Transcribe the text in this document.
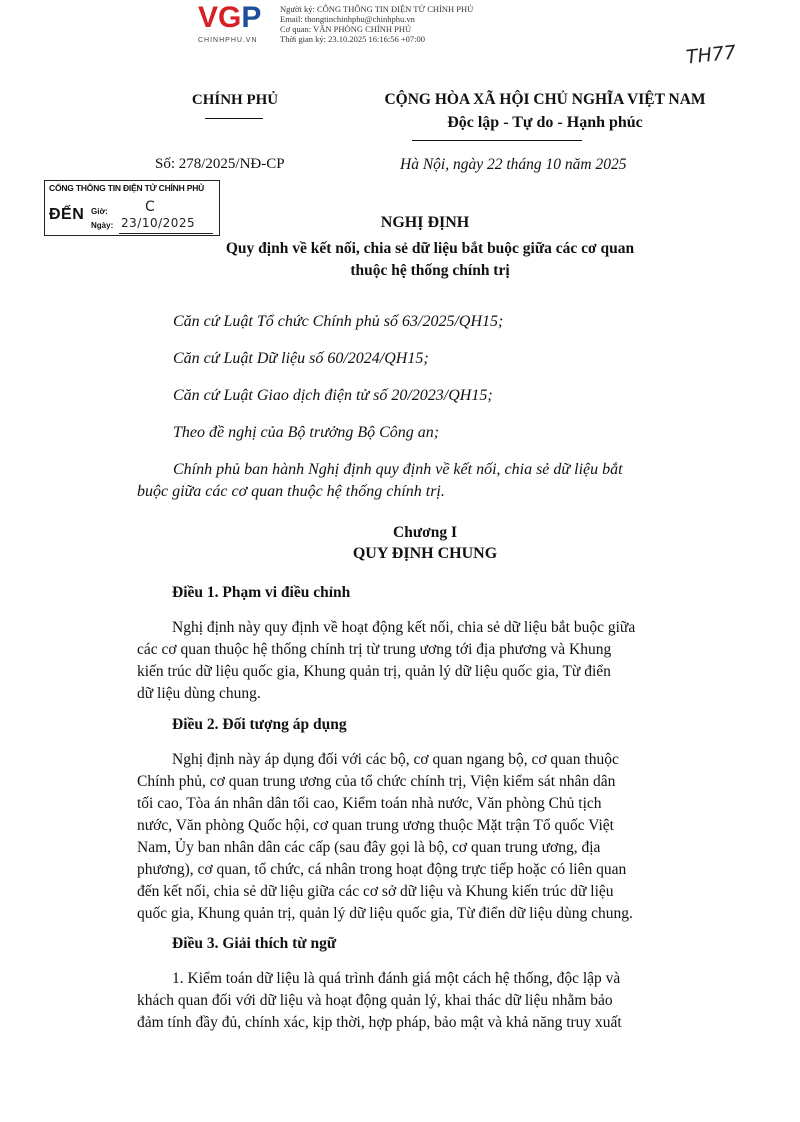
VGP
CHINHPHU.VN
Người ký: CÔNG THÔNG TIN ĐIỆN TỬ CHÍNH PHỦ
Email: thongtinchinhphu@chinhphu.vn
Cơ quan: VĂN PHÒNG CHÍNH PHỦ
Thời gian ký: 23.10.2025 16:16:56 +07:00
TH77
CHÍNH PHỦ	CỘNG HÒA XÃ HỘI CHỦ NGHĨA VIỆT NAM
Độc lập - Tự do - Hạnh phúc
Số: 278/2025/NĐ-CP	Hà Nội, ngày 22 tháng 10 năm 2025
CỔNG THÔNG TIN ĐIỆN TỬ CHÍNH PHỦ
ĐẾN Giờ:
Ngày:
C
23/10/2025	NGHỊ ĐỊNH
Quy định về kết nối, chia sẻ dữ liệu bắt buộc giữa các cơ quan
thuộc hệ thống chính trị
Căn cứ Luật Tổ chức Chính phủ số 63/2025/QH15;
Căn cứ Luật Dữ liệu số 60/2024/QH15;
Căn cứ Luật Giao dịch điện tử số 20/2023/QH15;
Theo đề nghị của Bộ trưởng Bộ Công an;
Chính phủ ban hành Nghị định quy định về kết nối, chia sẻ dữ liệu bắt
buộc giữa các cơ quan thuộc hệ thống chính trị.
Chương I
QUY ĐỊNH CHUNG
Điều 1. Phạm vi điều chỉnh
Nghị định này quy định về hoạt động kết nối, chia sẻ dữ liệu bắt buộc giữa
các cơ quan thuộc hệ thống chính trị từ trung ương tới địa phương và Khung
kiến trúc dữ liệu quốc gia, Khung quản trị, quản lý dữ liệu quốc gia, Từ điển
dữ liệu dùng chung.
Điều 2. Đối tượng áp dụng
Nghị định này áp dụng đối với các bộ, cơ quan ngang bộ, cơ quan thuộc
Chính phủ, cơ quan trung ương của tổ chức chính trị, Viện kiểm sát nhân dân
tối cao, Tòa án nhân dân tối cao, Kiểm toán nhà nước, Văn phòng Chủ tịch
nước, Văn phòng Quốc hội, cơ quan trung ương thuộc Mặt trận Tổ quốc Việt
Nam, Ủy ban nhân dân các cấp (sau đây gọi là bộ, cơ quan trung ương, địa
phương), cơ quan, tổ chức, cá nhân trong hoạt động trực tiếp hoặc có liên quan
đến kết nối, chia sẻ dữ liệu giữa các cơ sở dữ liệu và Khung kiến trúc dữ liệu
quốc gia, Khung quản trị, quản lý dữ liệu quốc gia, Từ điển dữ liệu dùng chung.
Điều 3. Giải thích từ ngữ
1. Kiểm toán dữ liệu là quá trình đánh giá một cách hệ thống, độc lập và
khách quan đối với dữ liệu và hoạt động quản lý, khai thác dữ liệu nhằm bảo
đảm tính đầy đủ, chính xác, kịp thời, hợp pháp, bảo mật và khả năng truy xuất
